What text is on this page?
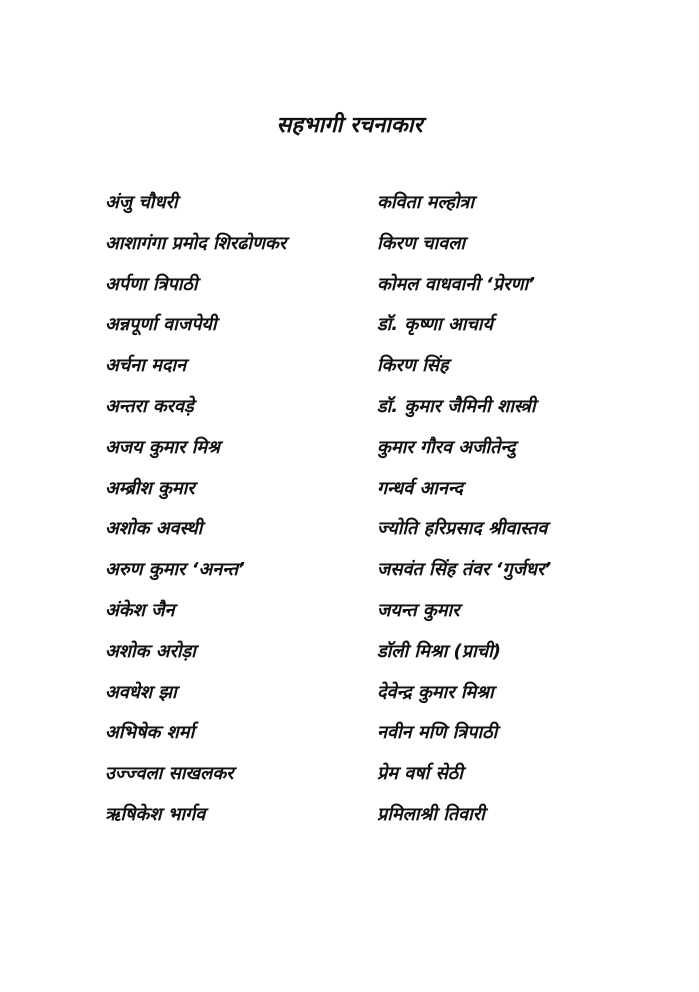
सहभागी रचनाकार
अंजु चौधरी	कविता मल्होत्रा
आशागंगा प्रमोद शिरढोणकर	किरण चावला
अर्पणा त्रिपाठी	कोमल वाधवानी ‘प्रेरणा’
अन्नपूर्णा वाजपेयी	डॉ. कृष्णा आचार्य
अर्चना मदान	किरण सिंह
अन्तरा करवड़े	डॉ. कुमार जैमिनी शास्त्री
अजय कुमार मिश्र	कुमार गौरव अजीतेन्दु
अम्ब्रीश कुमार	गन्धर्व आनन्द
अशोक अवस्थी	ज्योति हरिप्रसाद श्रीवास्तव
अरुण कुमार ‘अनन्त’	जसवंत सिंह तंवर ‘गुर्जधर’
अंकेश जैन	जयन्त कुमार
अशोक अरोड़ा	डॉली मिश्रा (प्राची)
अवधेश झा	देवेन्द्र कुमार मिश्रा
अभिषेक शर्मा	नवीन मणि त्रिपाठी
उज्ज्वला साखलकर	प्रेम वर्षा सेठी
ऋषिकेश भार्गव	प्रमिलाश्री तिवारी
